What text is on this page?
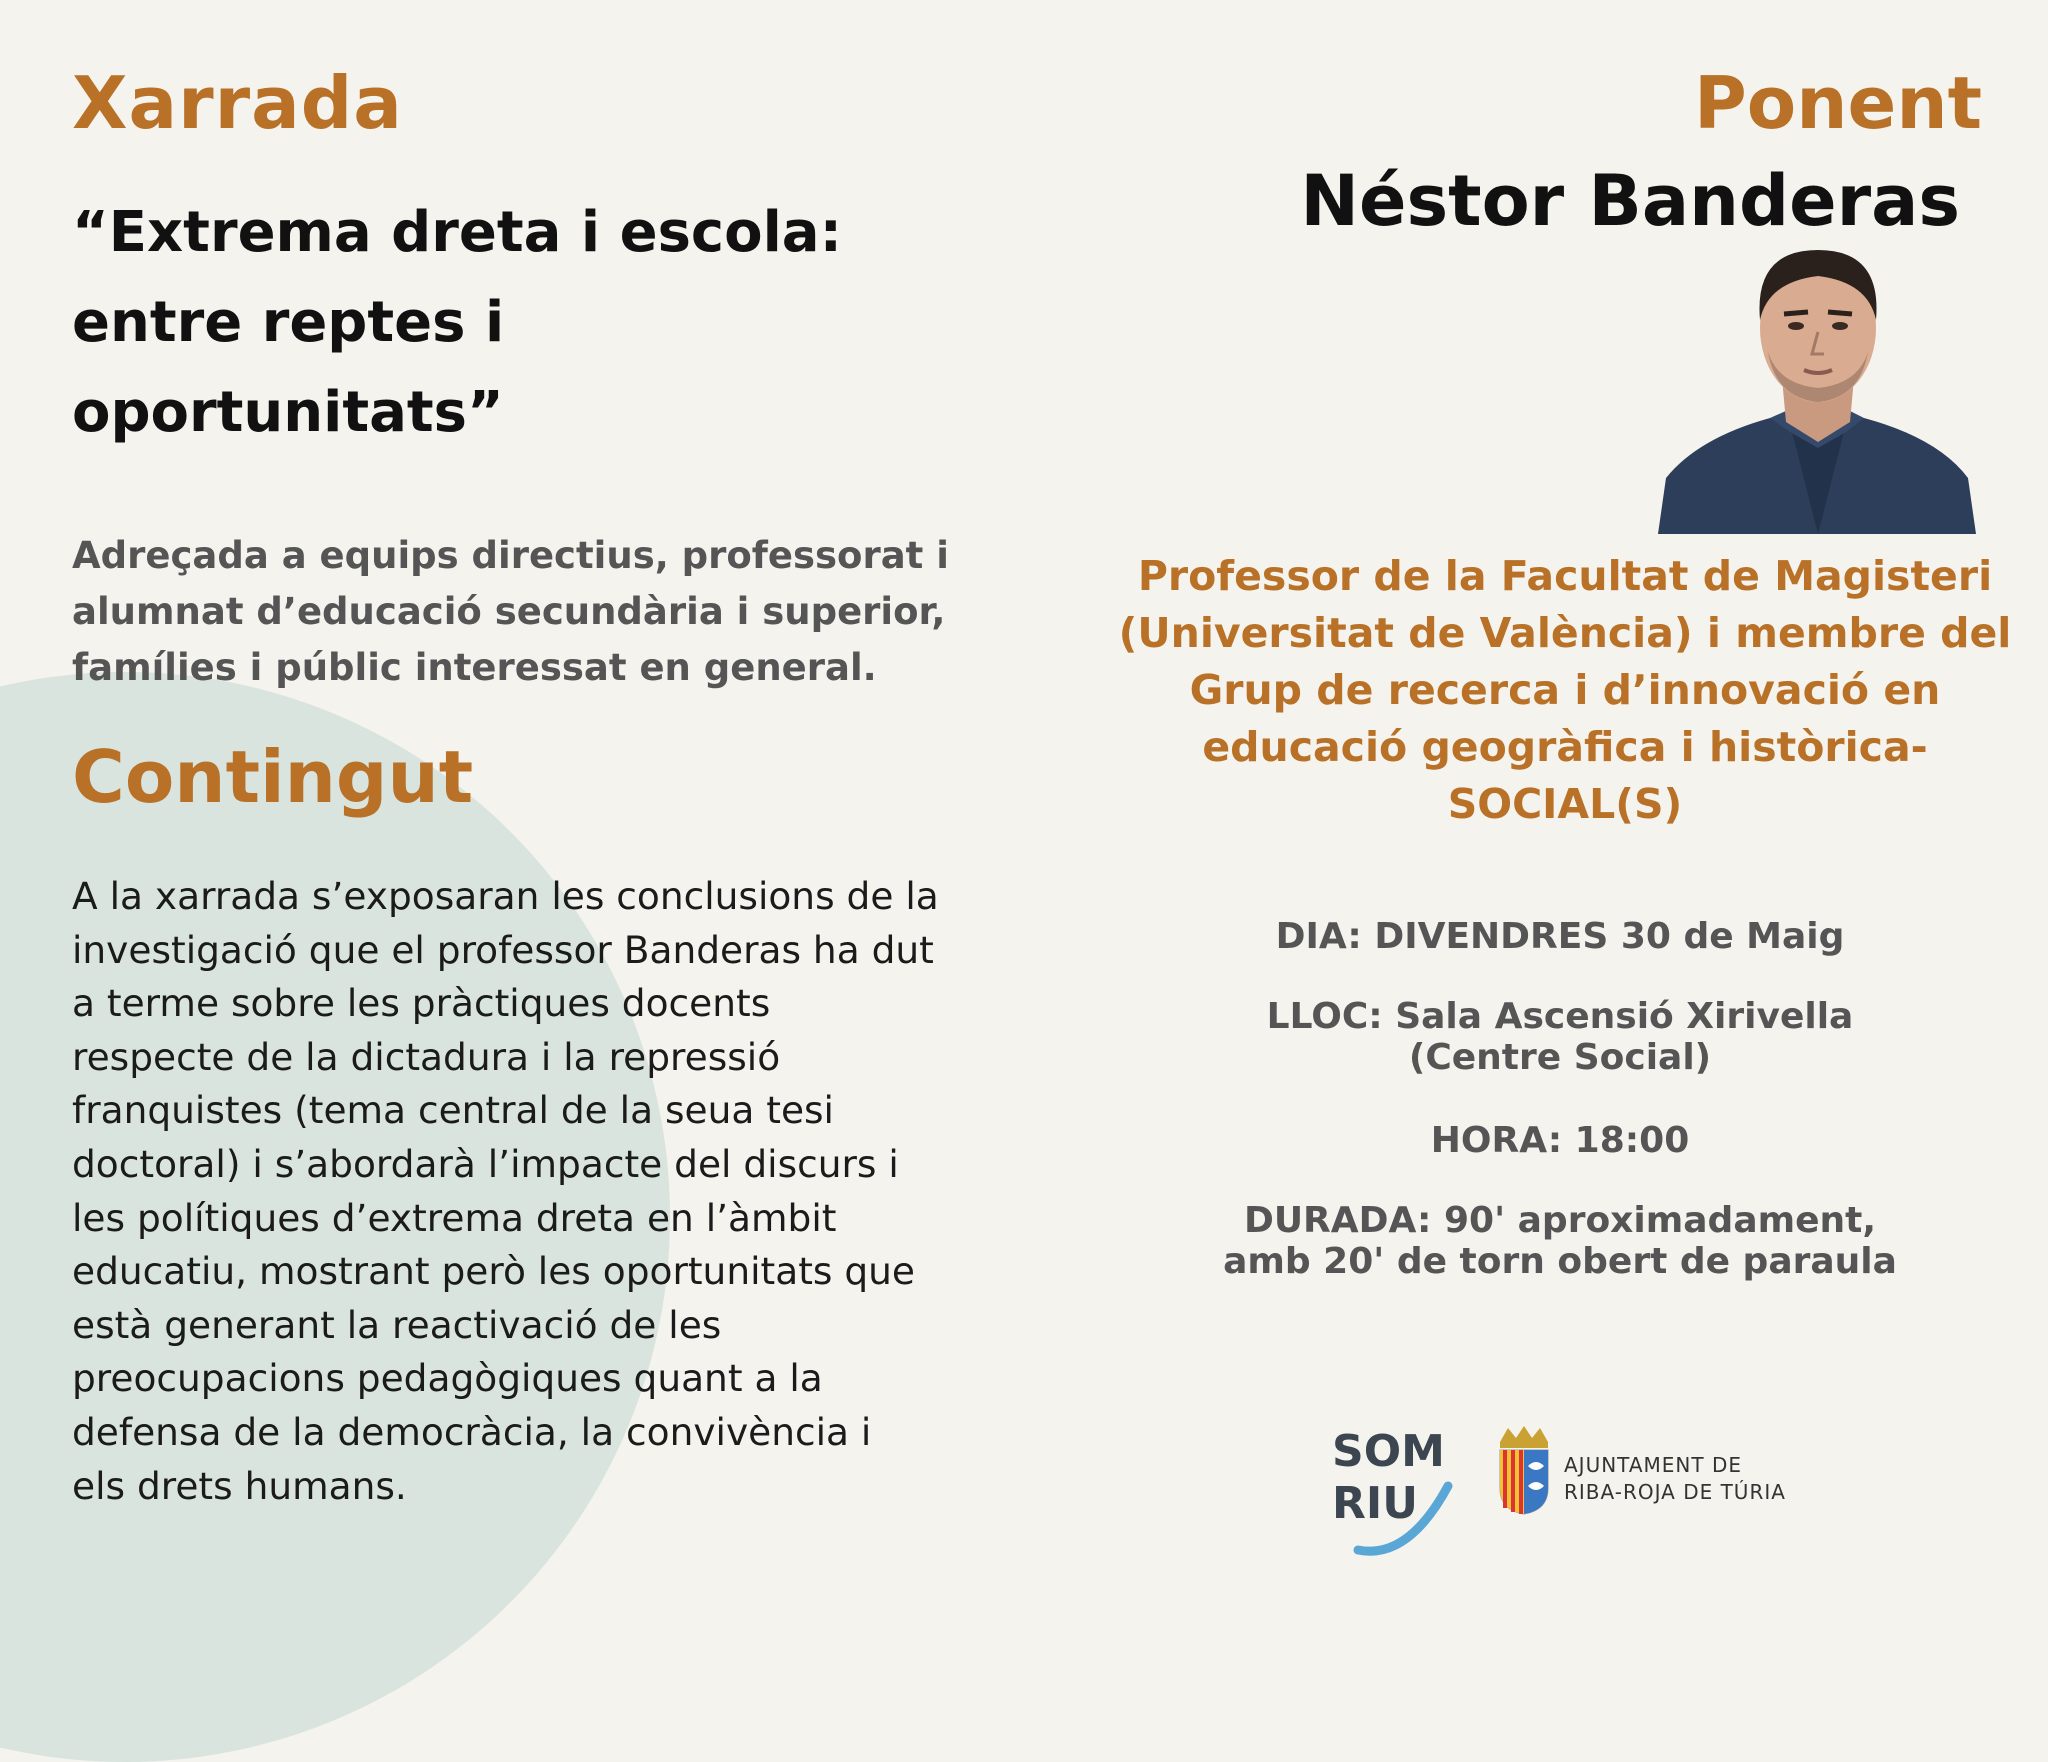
Xarrada
“Extrema dreta i escola:
entre reptes i
oportunitats”
Adreçada a equips directius, professorat i
alumnat d’educació secundària i superior,
famílies i públic interessat en general.
Contingut
A la xarrada s’exposaran les conclusions de la
investigació que el professor Banderas ha dut
a terme sobre les pràctiques docents
respecte de la dictadura i la repressió
franquistes (tema central de la seua tesi
doctoral) i s’abordarà l’impacte del discurs i
les polítiques d’extrema dreta en l’àmbit
educatiu, mostrant però les oportunitats que
està generant la reactivació de les
preocupacions pedagògiques quant a la
defensa de la democràcia, la convivència i
els drets humans.
Ponent
Néstor Banderas
Professor de la Facultat de Magisteri
(Universitat de València) i membre del
Grup de recerca i d’innovació en
educació geogràfica i històrica-
SOCIAL(S)
DIA: DIVENDRES 30 de Maig
LLOC: Sala Ascensió Xirivella
(Centre Social)
HORA: 18:00
DURADA: 90' aproximadament,
amb 20' de torn obert de paraula
SOM
RIU
AJUNTAMENT DE
RIBA-ROJA DE TÚRIA
